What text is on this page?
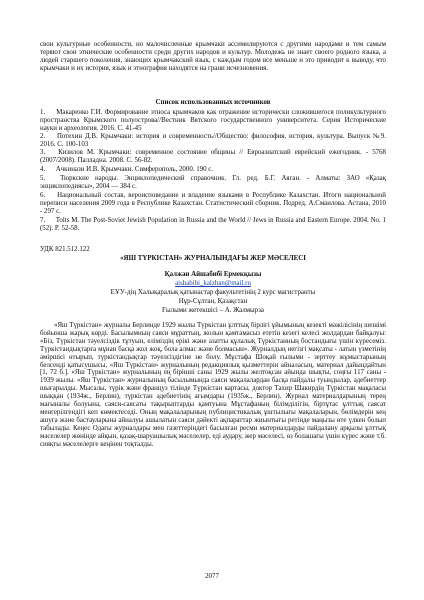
свои культурные особенности, но малочисленные крымчаки ассимилируются с другими народами и тем самым теряют свои этнические особенности среди других народов и культур. Молодежь не знает своего родного языка, а людей старшего поколения, знающих крымчакский язык, с каждым годом все меньше и это приводит к выводу, что крымчаки и их история, язык и этнография находятся на грани исчезновения.
Список использованных источников
1. Макаренко Г.И. Формирование этноса крымчаков как отражение исторически сложившегося поликультурного пространства Крымского полуострова//Вестник Вятского государственного университета. Серия Исторические науки и археология. 2016. С. 41-45
2. Потехин Д.В. Крымчаки: история и современность//Общество: философия, история, культура. Выпуск №9. 2016. С. 100-103
3. Кизилов М. Крымчаки: современное состояние общины // Евроазиатский еврейский ежегодник. - 5768 (2007/2008). Палладна. 2008. С. 56-82.
4. Ачкинази И.В. Крымчаки. Симферополь, 2000. 190 с.
5. Тюркские народы. Энциклопедический справочник. Гл. ред. Б.Г. Аяган. - Алматы: ЗАО «Қазақ энциклопедиясы», 2004 — 384 с.
6. Национальный состав, вероисповедание и владение языками в Республике Казахстан. Итоги национальной переписи населения 2009 года в Республике Казахстан. Статистический сборник. Подред. А.Смаилова. Астана, 2010 - 297 с.
7. Tolts M. The Post-Soviet Jewish Population in Russia and the World // Jews in Russia and Eastern Europe. 2004. No. 1 (52). P. 52-58.
УДК 821.512.122
«ЯШ ТҮРКІСТАН» ЖУРНАЛЫНДАҒЫ ЖЕР МӘСЕЛЕСІ
Қалжан Айшабибі Ермекқызы
aishabibi_kalzhan@mail.ru
ЕҰУ-дің Халықаралық қатынастар факультетінің 2 курс магистранты
Нұр-Сұлтан, Қазақстан
Ғылыми жетекшісі – А. Жалмырза
«Яш Түркістан» журналы Берлинде 1929 жылы Түркістан ұлттық бірлігі ұйымының кезекті мәжілісінің шешімі бойынша жарық көрді. Басылымның саяси мұраттың, жолын қамтамасыз ететін кезегі келесі жолдардан байқалуы: «Біз, Түркістан тәуелсіздік тұтуын, еліміздің ерікі және азатты құлалық Түркістанның бостандығы үшін күресеміз. Түркістандықтарға мұнан басқа жол жоқ, бола алмас және болмасын». Журналдың негізгі мақсаты - латын үзметінің әміршісі өтырып, түркістандықтар тәуелсіздігіне не болу. Мұстафа Шоқай ғылыми - зерттеу жұмыстарының белсенді қатысушысы, «Яш Түркістан» журналының редакциялық қызметтерін айналасың, материал дайындайтын [1, 72 б.]. «Яш Түркістан» журналының ең бірінші саны 1929 жылы желтоқсан айында шықты, соңғы 117 саны - 1939 жылы. «Яш Түркістан» журналының басылымында саяси мақалалардан басқа пайдалы туындылар, әдебиеттер шығарылды. Мысалы, түрік және француз тілінде Түркістан картасы, доктор Тахир Шакирдің Түркістан мақаласы шыққан (1934ж., Берлин), түркістан әдебиетінің ағымдары (1935ж., Берлин). Журнал материалдарының терең мағыналы болуына, саяси-саясаты тақырыптарды қамтуына Мұстафаның білімділігін, біртұтас ұлттық саясат менгерілгендігі кеп көмектеседі. Оның мақалаларының публицистикалық ұштылығы мақалаларын, бөлімдерін кең ашуға және бастауларына айналуы ашылатын саяси дәйекті ақпараттар жиынтығы ретінде маңызы өте үлкен болып табылады. Кеңес Одағы журналдары мен газеттеріндегі басылған ресми материалдарды пайдалану арқылы ұлттық мәселелер жөнінде айқын, қазақ-шаруашылық мәселелер, еді аудару, жер мәселесі, өз болашағы үшін күрес және т.б. сияқты мәселелерге кеңінен тоқталды.
2077
